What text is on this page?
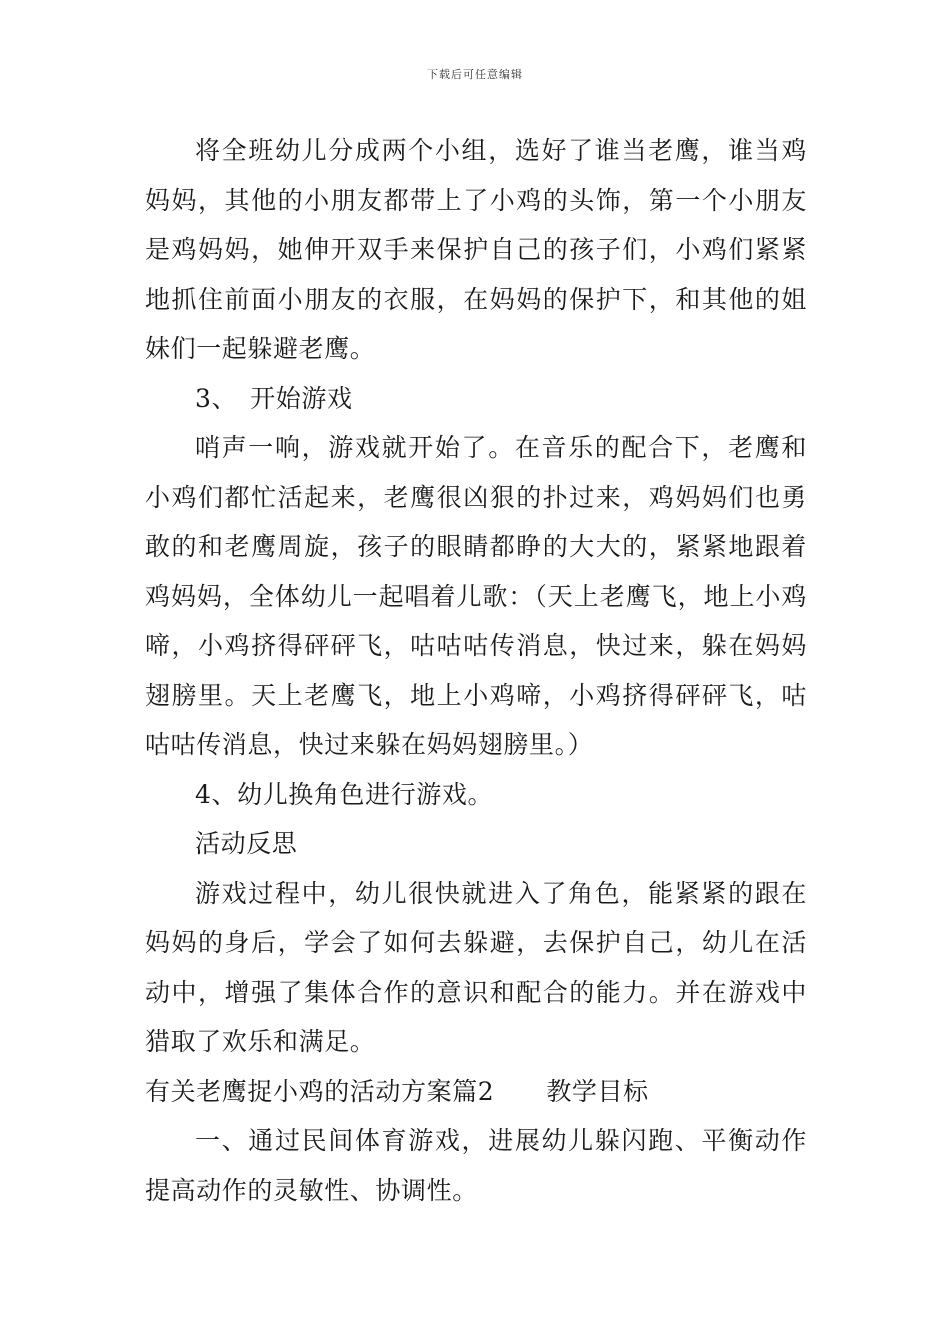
下载后可任意编辑

将全班幼儿分成两个小组，选好了谁当老鹰，谁当鸡妈妈，其他的小朋友都带上了小鸡的头饰，第一个小朋友是鸡妈妈，她伸开双手来保护自己的孩子们，小鸡们紧紧地抓住前面小朋友的衣服，在妈妈的保护下，和其他的姐妹们一起躲避老鹰。

3、　开始游戏

哨声一响，游戏就开始了。在音乐的配合下，老鹰和小鸡们都忙活起来，老鹰很凶狠的扑过来，鸡妈妈们也勇敢的和老鹰周旋，孩子的眼睛都睁的大大的，紧紧地跟着鸡妈妈，全体幼儿一起唱着儿歌：（天上老鹰飞，地上小鸡啼，小鸡挤得砰砰飞，咕咕咕传消息，快过来，躲在妈妈翅膀里。天上老鹰飞，地上小鸡啼，小鸡挤得砰砰飞，咕咕咕传消息，快过来躲在妈妈翅膀里。）

4、幼儿换角色进行游戏。

活动反思

游戏过程中，幼儿很快就进入了角色，能紧紧的跟在妈妈的身后，学会了如何去躲避，去保护自己，幼儿在活动中，增强了集体合作的意识和配合的能力。并在游戏中猎取了欢乐和满足。

有关老鹰捉小鸡的活动方案篇2 教学目标

一、通过民间体育游戏，进展幼儿躲闪跑、平衡动作提高动作的灵敏性、协调性。
